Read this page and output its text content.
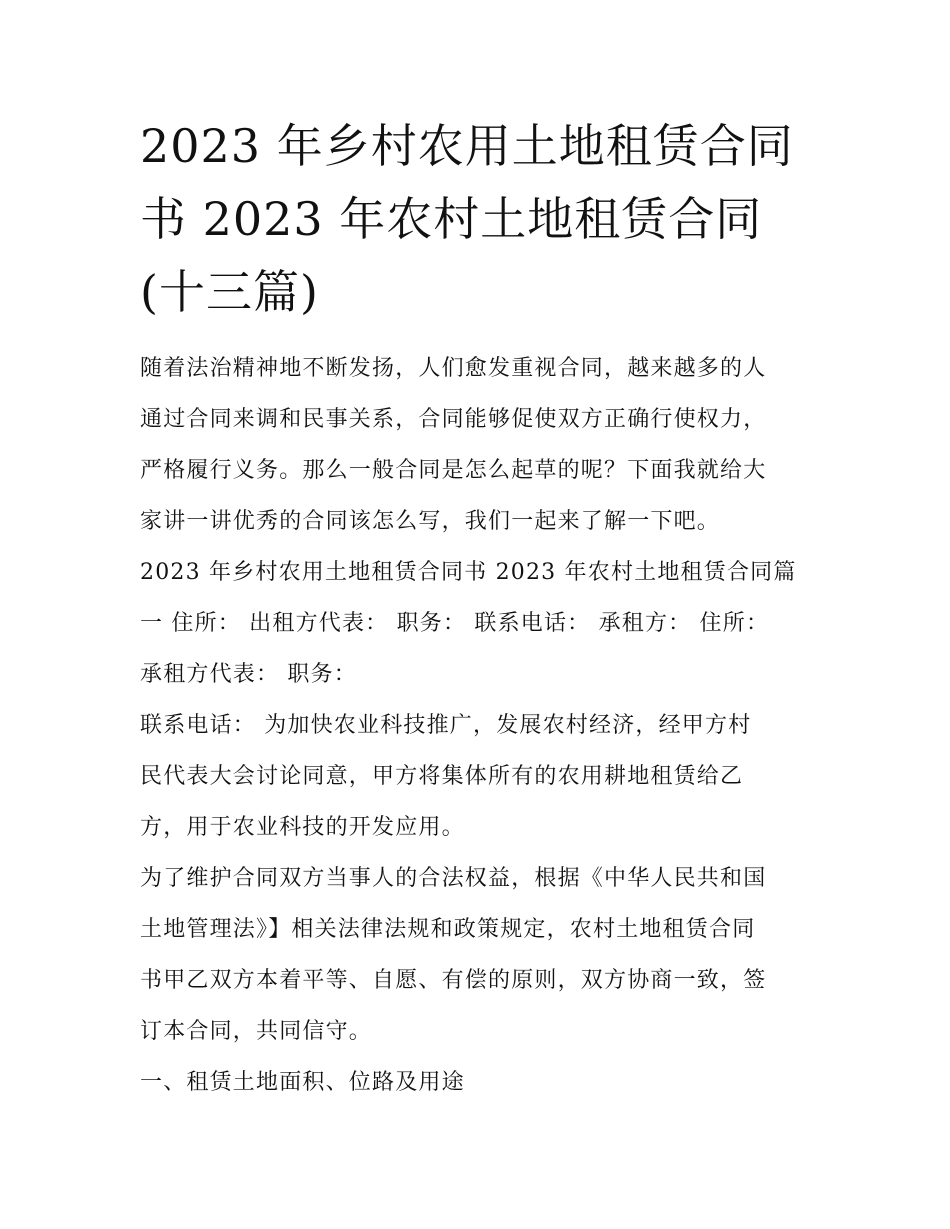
2023 年乡村农用土地租赁合同
书 2023 年农村土地租赁合同
(十三篇)

随着法治精神地不断发扬，人们愈发重视合同，越来越多的人
通过合同来调和民事关系，合同能够促使双方正确行使权力，
严格履行义务。那么一般合同是怎么起草的呢？下面我就给大
家讲一讲优秀的合同该怎么写，我们一起来了解一下吧。

2023 年乡村农用土地租赁合同书 2023 年农村土地租赁合同篇
一 住所： 出租方代表： 职务： 联系电话： 承租方： 住所：
承租方代表： 职务：

联系电话： 为加快农业科技推广，发展农村经济，经甲方村
民代表大会讨论同意，甲方将集体所有的农用耕地租赁给乙
方，用于农业科技的开发应用。

为了维护合同双方当事人的合法权益，根据《中华人民共和国
土地管理法》】相关法律法规和政策规定，农村土地租赁合同
书甲乙双方本着平等、自愿、有偿的原则，双方协商一致，签
订本合同，共同信守。

一、租赁土地面积、位路及用途
